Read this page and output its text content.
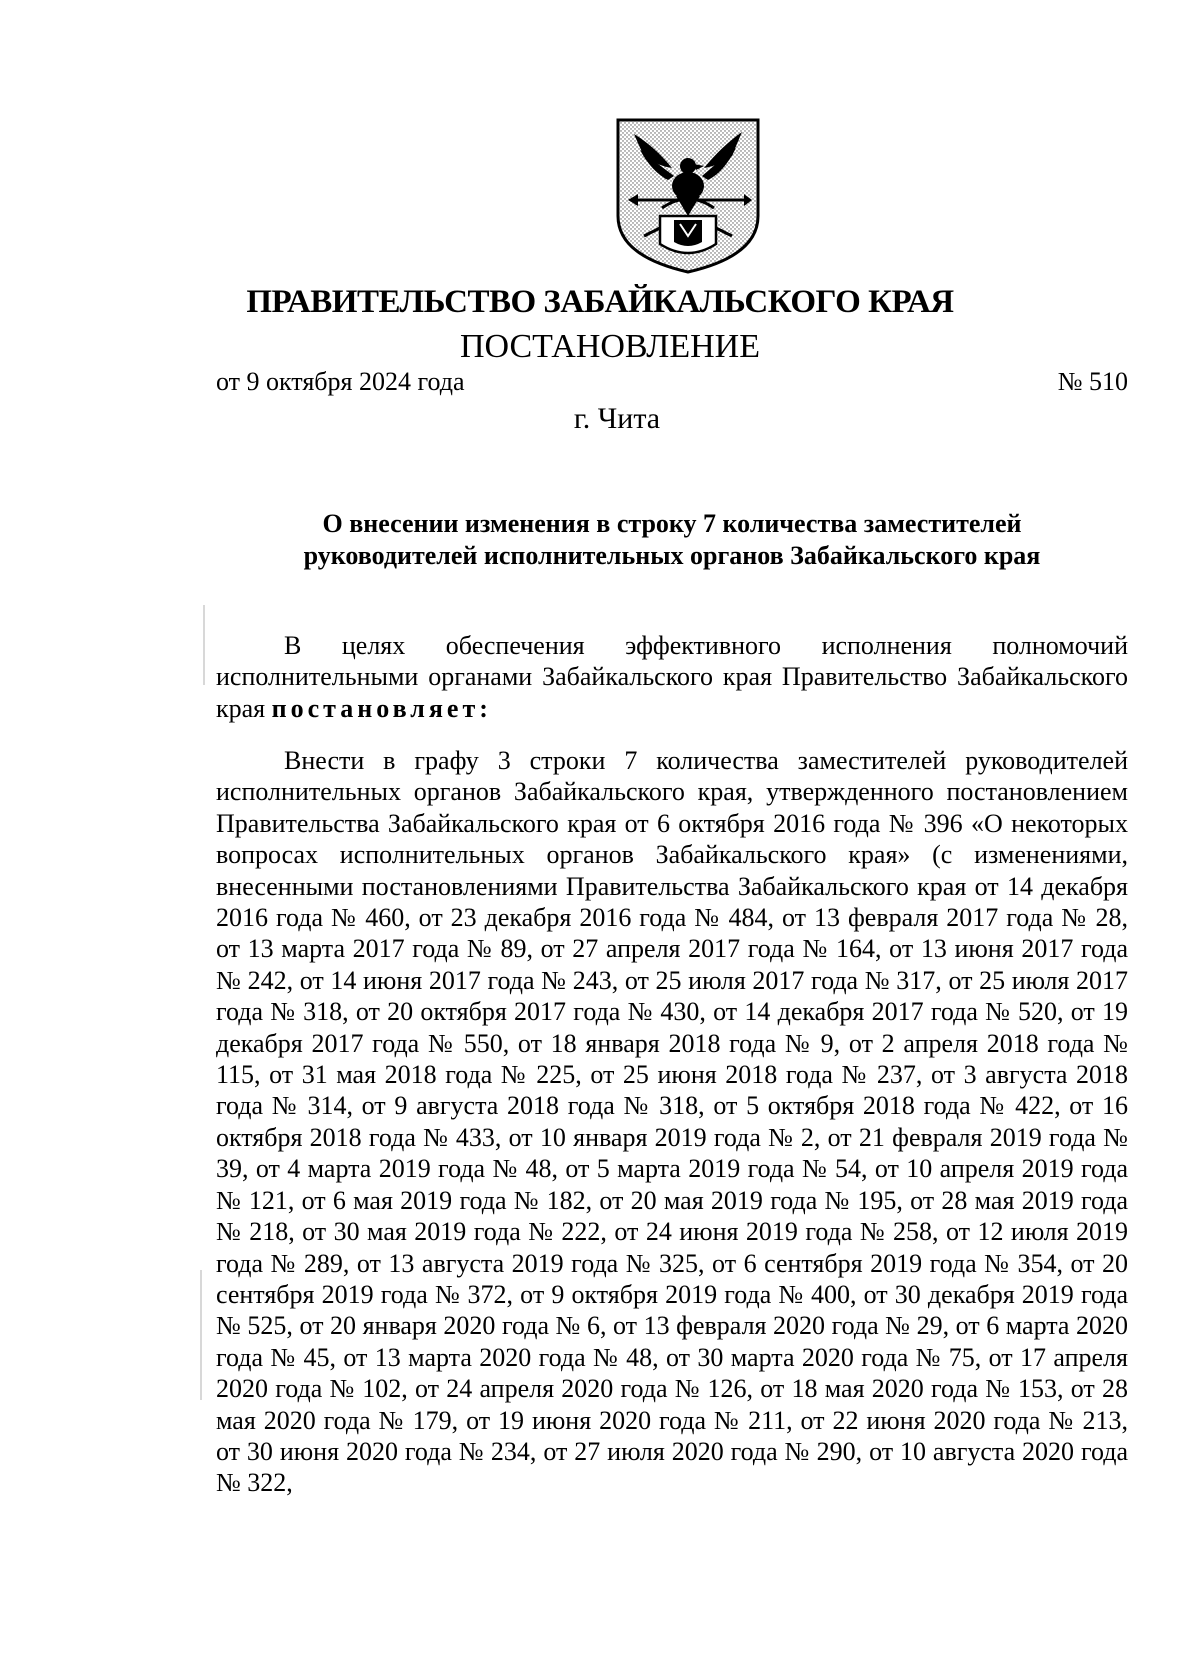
ПРАВИТЕЛЬСТВО ЗАБАЙКАЛЬСКОГО КРАЯ
ПОСТАНОВЛЕНИЕ
от 9 октября 2024 года	№ 510
г. Чита
О внесении изменения в строку 7 количества заместителей
руководителей исполнительных органов Забайкальского края
В целях обеспечения эффективного исполнения полномочий исполнительными органами Забайкальского края Правительство Забайкальского края постановляет:
Внести в графу 3 строки 7 количества заместителей руководителей исполнительных органов Забайкальского края, утвержденного постановлением Правительства Забайкальского края от 6 октября 2016 года № 396 «О некоторых вопросах исполнительных органов Забайкальского края» (с изменениями, внесенными постановлениями Правительства Забайкальского края от 14 декабря 2016 года № 460, от 23 декабря 2016 года № 484, от 13 февраля 2017 года № 28, от 13 марта 2017 года № 89, от 27 апреля 2017 года № 164, от 13 июня 2017 года № 242, от 14 июня 2017 года № 243, от 25 июля 2017 года № 317, от 25 июля 2017 года № 318, от 20 октября 2017 года № 430, от 14 декабря 2017 года № 520, от 19 декабря 2017 года № 550, от 18 января 2018 года № 9, от 2 апреля 2018 года № 115, от 31 мая 2018 года № 225, от 25 июня 2018 года № 237, от 3 августа 2018 года № 314, от 9 августа 2018 года № 318, от 5 октября 2018 года № 422, от 16 октября 2018 года № 433, от 10 января 2019 года № 2, от 21 февраля 2019 года № 39, от 4 марта 2019 года № 48, от 5 марта 2019 года № 54, от 10 апреля 2019 года № 121, от 6 мая 2019 года № 182, от 20 мая 2019 года № 195, от 28 мая 2019 года № 218, от 30 мая 2019 года № 222, от 24 июня 2019 года № 258, от 12 июля 2019 года № 289, от 13 августа 2019 года № 325, от 6 сентября 2019 года № 354, от 20 сентября 2019 года № 372, от 9 октября 2019 года № 400, от 30 декабря 2019 года № 525, от 20 января 2020 года № 6, от 13 февраля 2020 года № 29, от 6 марта 2020 года № 45, от 13 марта 2020 года № 48, от 30 марта 2020 года № 75, от 17 апреля 2020 года № 102, от 24 апреля 2020 года № 126, от 18 мая 2020 года № 153, от 28 мая 2020 года № 179, от 19 июня 2020 года № 211, от 22 июня 2020 года № 213, от 30 июня 2020 года № 234, от 27 июля 2020 года № 290, от 10 августа 2020 года № 322,
